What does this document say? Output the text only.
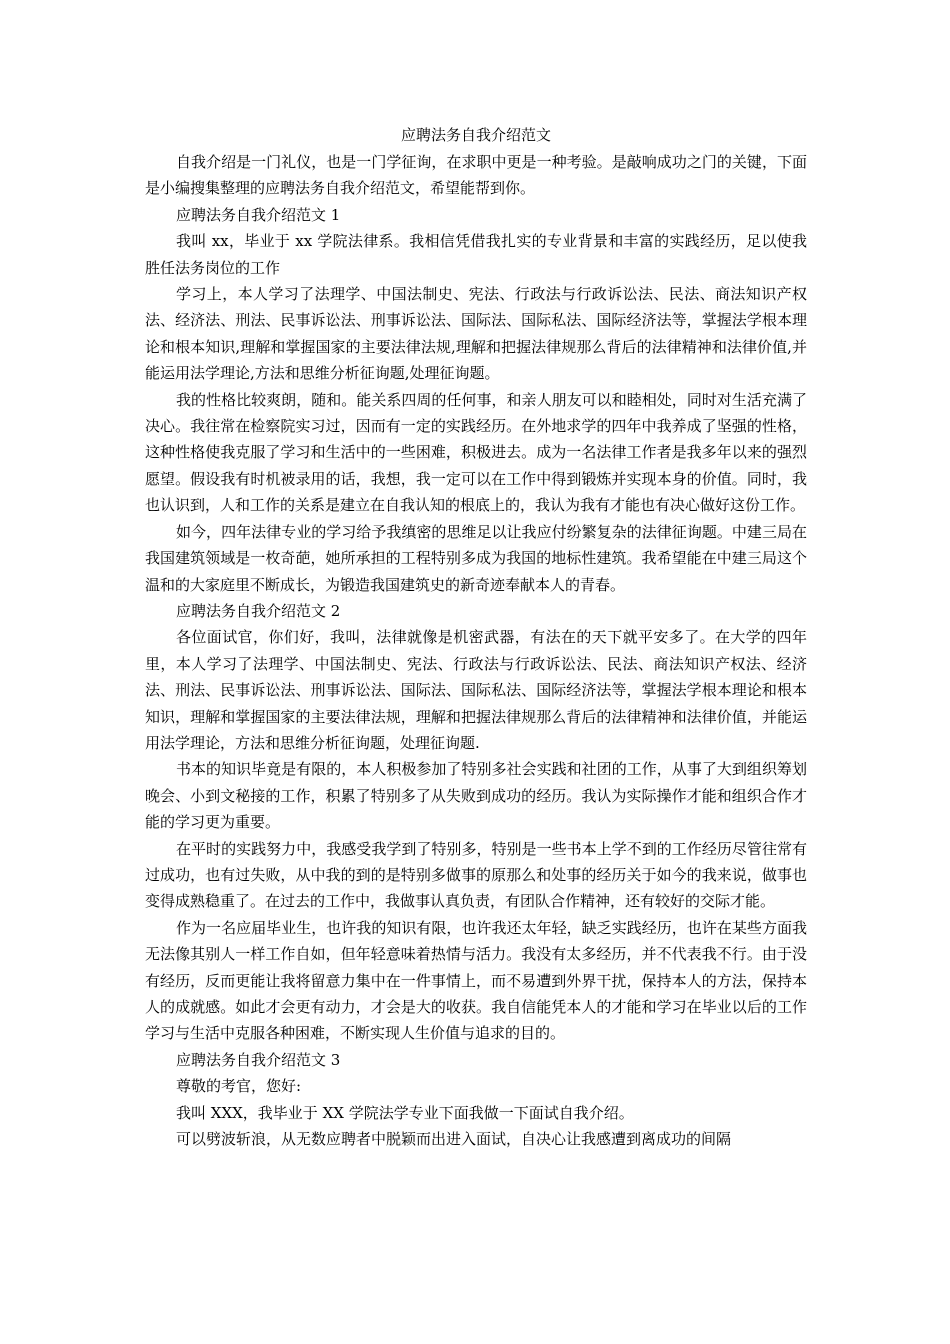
应聘法务自我介绍范文

自我介绍是一门礼仪，也是一门学征询，在求职中更是一种考验。是敲响成功之门的关键，下面是小编搜集整理的应聘法务自我介绍范文，希望能帮到你。

应聘法务自我介绍范文 1

我叫 xx，毕业于 xx 学院法律系。我相信凭借我扎实的专业背景和丰富的实践经历，足以使我胜任法务岗位的工作

学习上，本人学习了法理学、中国法制史、宪法、行政法与行政诉讼法、民法、商法知识产权法、经济法、刑法、民事诉讼法、刑事诉讼法、国际法、国际私法、国际经济法等，掌握法学根本理论和根本知识,理解和掌握国家的主要法律法规,理解和把握法律规那么背后的法律精神和法律价值,并能运用法学理论,方法和思维分析征询题,处理征询题。

我的性格比较爽朗，随和。能关系四周的任何事，和亲人朋友可以和睦相处，同时对生活充满了决心。我往常在检察院实习过，因而有一定的实践经历。在外地求学的四年中我养成了坚强的性格，这种性格使我克服了学习和生活中的一些困难，积极进去。成为一名法律工作者是我多年以来的强烈愿望。假设我有时机被录用的话，我想，我一定可以在工作中得到锻炼并实现本身的价值。同时，我也认识到，人和工作的关系是建立在自我认知的根底上的，我认为我有才能也有决心做好这份工作。

如今，四年法律专业的学习给予我缜密的思维足以让我应付纷繁复杂的法律征询题。中建三局在我国建筑领域是一枚奇葩，她所承担的工程特别多成为我国的地标性建筑。我希望能在中建三局这个温和的大家庭里不断成长，为锻造我国建筑史的新奇迹奉献本人的青春。

应聘法务自我介绍范文 2

各位面试官，你们好，我叫，法律就像是机密武器，有法在的天下就平安多了。在大学的四年里，本人学习了法理学、中国法制史、宪法、行政法与行政诉讼法、民法、商法知识产权法、经济法、刑法、民事诉讼法、刑事诉讼法、国际法、国际私法、国际经济法等，掌握法学根本理论和根本知识，理解和掌握国家的主要法律法规，理解和把握法律规那么背后的法律精神和法律价值，并能运用法学理论，方法和思维分析征询题，处理征询题.

书本的知识毕竟是有限的，本人积极参加了特别多社会实践和社团的工作，从事了大到组织筹划晚会、小到文秘接的工作，积累了特别多了从失败到成功的经历。我认为实际操作才能和组织合作才能的学习更为重要。

在平时的实践努力中，我感受我学到了特别多，特别是一些书本上学不到的工作经历尽管往常有过成功，也有过失败，从中我的到的是特别多做事的原那么和处事的经历关于如今的我来说，做事也变得成熟稳重了。在过去的工作中，我做事认真负责，有团队合作精神，还有较好的交际才能。

作为一名应届毕业生，也许我的知识有限，也许我还太年轻，缺乏实践经历，也许在某些方面我无法像其别人一样工作自如，但年轻意味着热情与活力。我没有太多经历，并不代表我不行。由于没有经历，反而更能让我将留意力集中在一件事情上，而不易遭到外界干扰，保持本人的方法，保持本人的成就感。如此才会更有动力，才会是大的收获。我自信能凭本人的才能和学习在毕业以后的工作学习与生活中克服各种困难，不断实现人生价值与追求的目的。

应聘法务自我介绍范文 3

尊敬的考官，您好:

我叫 XXX，我毕业于 XX 学院法学专业下面我做一下面试自我介绍。

可以劈波斩浪，从无数应聘者中脱颖而出进入面试，自决心让我感遭到离成功的间隔
